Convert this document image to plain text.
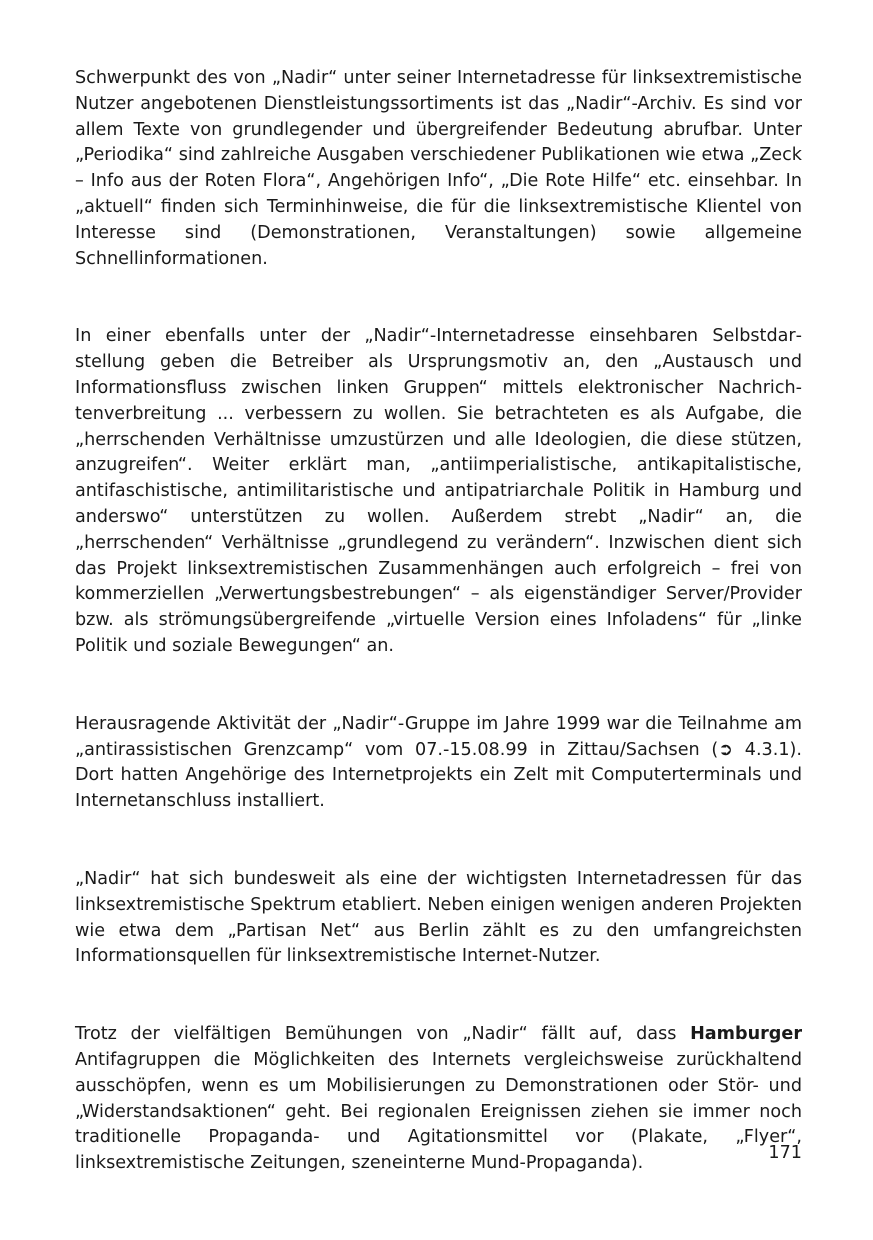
Schwerpunkt des von „Nadir“ unter seiner Internetadresse für linksextremistische Nutzer angebotenen Dienstleistungssortiments ist das „Nadir“-Archiv. Es sind vor allem Texte von grundlegender und übergreifender Bedeutung abrufbar. Unter „Periodika“ sind zahlreiche Ausgaben verschiedener Publikationen wie etwa „Zeck – Info aus der Roten Flora“, Angehörigen Info“, „Die Rote Hilfe“ etc. einsehbar. In „aktuell“ finden sich Terminhinweise, die für die linksextremistische Klientel von Interesse sind (Demonstrationen, Veranstaltungen) sowie allgemeine Schnellinformationen.

In einer ebenfalls unter der „Nadir“-Internetadresse einsehbaren Selbstdarstellung geben die Betreiber als Ursprungsmotiv an, den „Austausch und Informationsfluss zwischen linken Gruppen“ mittels elektronischer Nachrichtenverbreitung ... verbessern zu wollen. Sie betrachteten es als Aufgabe, die „herrschenden Verhältnisse umzustürzen und alle Ideologien, die diese stützen, anzugreifen“. Weiter erklärt man, „antiimperialistische, antikapitalistische, antifaschistische, antimilitaristische und antipatriarchale Politik in Hamburg und anderswo“ unterstützen zu wollen. Außerdem strebt „Nadir“ an, die „herrschenden“ Verhältnisse „grundlegend zu verändern“. Inzwischen dient sich das Projekt linksextremistischen Zusammenhängen auch erfolgreich – frei von kommerziellen „Verwertungsbestrebungen“ – als eigenständiger Server/Provider bzw. als strömungsübergreifende „virtuelle Version eines Infoladens“ für „linke Politik und soziale Bewegungen“ an.

Herausragende Aktivität der „Nadir“-Gruppe im Jahre 1999 war die Teilnahme am „antirassistischen Grenzcamp“ vom 07.-15.08.99 in Zittau/Sachsen (➲ 4.3.1). Dort hatten Angehörige des Internetprojekts ein Zelt mit Computerterminals und Internetanschluss installiert.

„Nadir“ hat sich bundesweit als eine der wichtigsten Internetadressen für das linksextremistische Spektrum etabliert. Neben einigen wenigen anderen Projekten wie etwa dem „Partisan Net“ aus Berlin zählt es zu den umfangreichsten Informationsquellen für linksextremistische Internet-Nutzer.

Trotz der vielfältigen Bemühungen von „Nadir“ fällt auf, dass Hamburger Antifagruppen die Möglichkeiten des Internets vergleichsweise zurückhaltend ausschöpfen, wenn es um Mobilisierungen zu Demonstrationen oder Stör- und „Widerstandsaktionen“ geht. Bei regionalen Ereignissen ziehen sie immer noch traditionelle Propaganda- und Agitationsmittel vor (Plakate, „Flyer“, linksextremistische Zeitungen, szeneinterne Mund-Propaganda).

171
